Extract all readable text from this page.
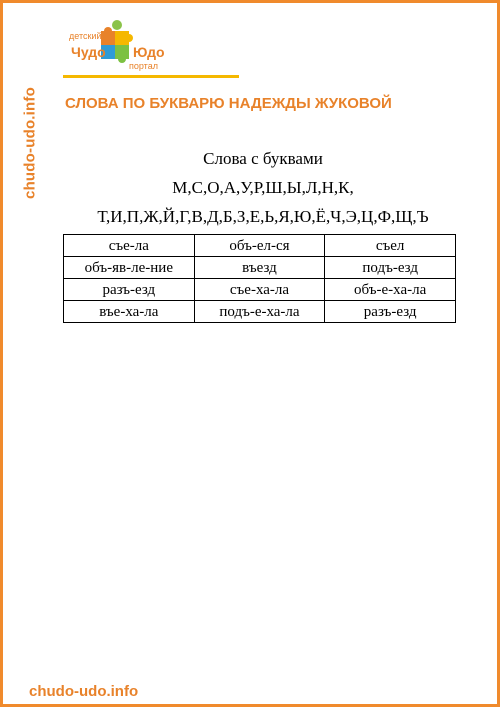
chudo-udo.info
детский
Чудо Юдо
портал
СЛОВА ПО БУКВАРЮ НАДЕЖДЫ ЖУКОВОЙ
Слова с буквами
М,С,О,А,У,Р,Ш,Ы,Л,Н,К,
Т,И,П,Ж,Й,Г,В,Д,Б,З,Е,Ь,Я,Ю,Ё,Ч,Э,Ц,Ф,Щ,Ъ
съе-ла	объ-ел-ся	съел
объ-яв-ле-ние	въезд	подъ-езд
разъ-езд	съе-ха-ла	объ-е-ха-ла
въе-ха-ла	подъ-е-ха-ла	разъ-езд
chudo-udo.info
